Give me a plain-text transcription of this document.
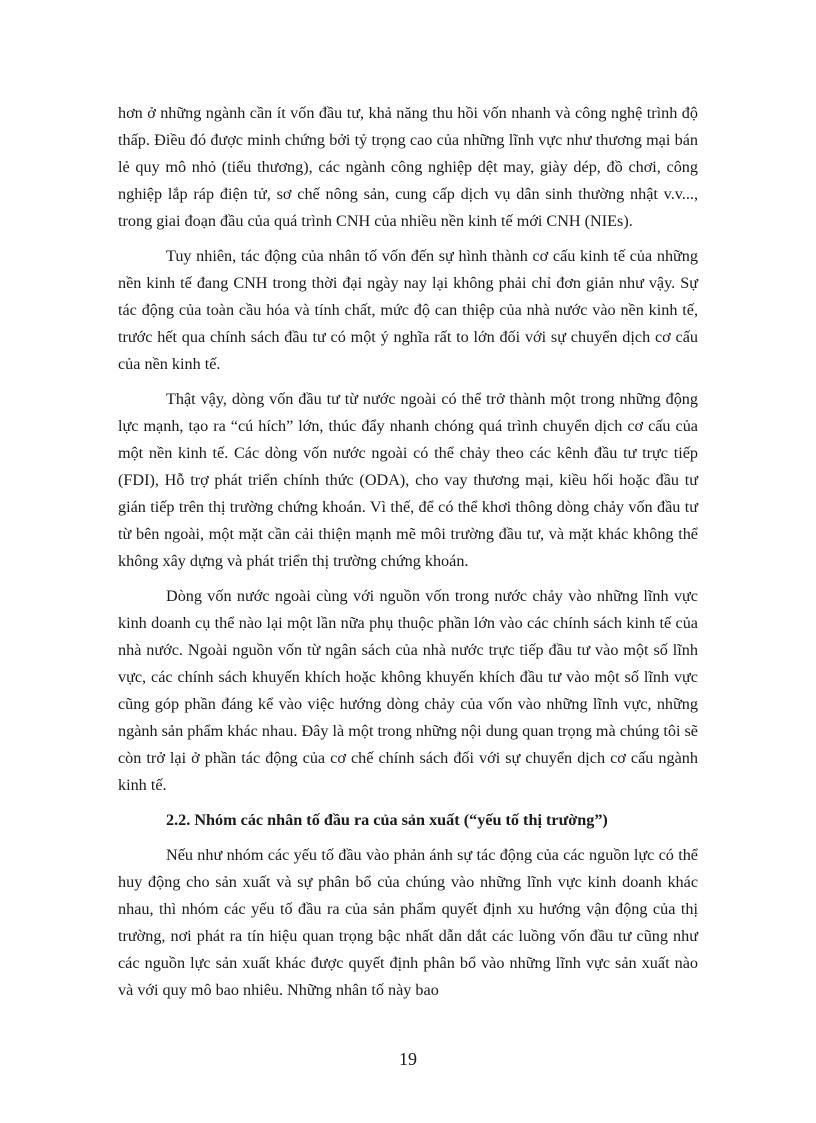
hơn ở những ngành cần ít vốn đầu tư, khả năng thu hồi vốn nhanh và công nghệ trình độ thấp. Điều đó được minh chứng bởi tỷ trọng cao của những lĩnh vực như thương mại bán lẻ quy mô nhỏ (tiểu thương), các ngành công nghiệp dệt may, giày dép, đồ chơi, công nghiệp lắp ráp điện tử, sơ chế nông sản, cung cấp dịch vụ dân sinh thường nhật v.v..., trong giai đoạn đầu của quá trình CNH của nhiều nền kinh tế mới CNH (NIEs).

Tuy nhiên, tác động của nhân tố vốn đến sự hình thành cơ cấu kinh tế của những nền kinh tế đang CNH trong thời đại ngày nay lại không phải chỉ đơn giản như vậy. Sự tác động của toàn cầu hóa và tính chất, mức độ can thiệp của nhà nước vào nền kinh tế, trước hết qua chính sách đầu tư có một ý nghĩa rất to lớn đối với sự chuyển dịch cơ cấu của nền kinh tế.

Thật vậy, dòng vốn đầu tư từ nước ngoài có thể trở thành một trong những động lực mạnh, tạo ra “cú hích” lớn, thúc đẩy nhanh chóng quá trình chuyển dịch cơ cấu của một nền kinh tế. Các dòng vốn nước ngoài có thể chảy theo các kênh đầu tư trực tiếp (FDI), Hỗ trợ phát triển chính thức (ODA), cho vay thương mại, kiều hối hoặc đầu tư gián tiếp trên thị trường chứng khoán. Vì thế, để có thể khơi thông dòng chảy vốn đầu tư từ bên ngoài, một mặt cần cải thiện mạnh mẽ môi trường đầu tư, và mặt khác không thể không xây dựng và phát triển thị trường chứng khoán.

Dòng vốn nước ngoài cùng với nguồn vốn trong nước chảy vào những lĩnh vực kinh doanh cụ thể nào lại một lần nữa phụ thuộc phần lớn vào các chính sách kinh tế của nhà nước. Ngoài nguồn vốn từ ngân sách của nhà nước trực tiếp đầu tư vào một số lĩnh vực, các chính sách khuyến khích hoặc không khuyến khích đầu tư vào một số lĩnh vực cũng góp phần đáng kể vào việc hướng dòng chảy của vốn vào những lĩnh vực, những ngành sản phẩm khác nhau. Đây là một trong những nội dung quan trọng mà chúng tôi sẽ còn trở lại ở phần tác động của cơ chế chính sách đối với sự chuyển dịch cơ cấu ngành kinh tế.

2.2. Nhóm các nhân tố đầu ra của sản xuất (“yếu tố thị trường”)

Nếu như nhóm các yếu tố đầu vào phản ánh sự tác động của các nguồn lực có thể huy động cho sản xuất và sự phân bổ của chúng vào những lĩnh vực kinh doanh khác nhau, thì nhóm các yếu tố đầu ra của sản phẩm quyết định xu hướng vận động của thị trường, nơi phát ra tín hiệu quan trọng bậc nhất dẫn dắt các luồng vốn đầu tư cũng như các nguồn lực sản xuất khác được quyết định phân bổ vào những lĩnh vực sản xuất nào và với quy mô bao nhiêu. Những nhân tố này bao

19
